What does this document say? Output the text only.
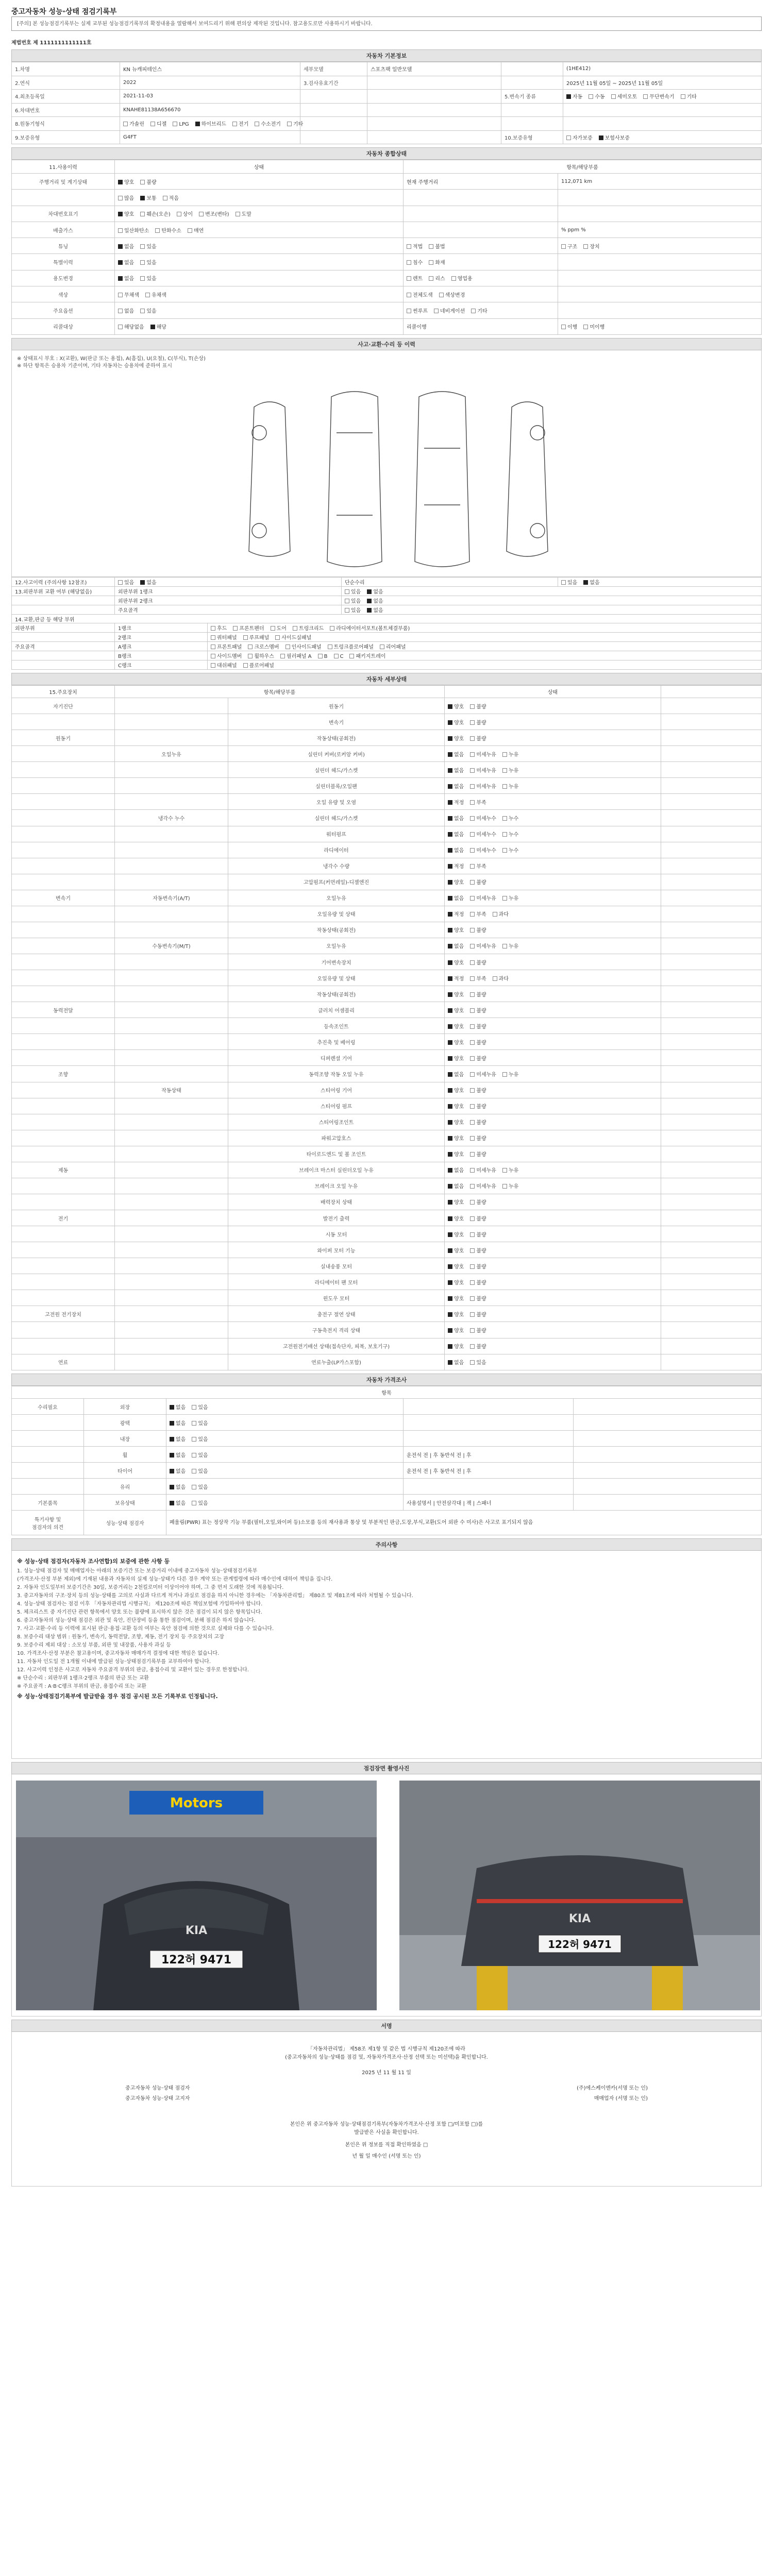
중고자동차 성능·상태 점검기록부
[주의] 본 성능점검기록부는 실제 교부된 성능점검기록부의 확정내용을 열람해서 보여드리기 위해 편의상 제작된 것입니다. 참고용도로만 사용하시기 바랍니다.
제법번호 제 1111111111111호
자동차 기본정보
1.차명	KN 뉴캐피테인스	세부모델	스포츠팩 일반모델		(1HE412)
2.연식	2022	3.검사유효기간			2025년 11월 05일 ~ 2025년 11월 05일
4.최초등록일	2021-11-03			5.변속기 종류	자동 수동 세미오토 무단변속기 기타
6.차대번호	KNAHE81138A656670				
8.원동기형식	가솔린 디젤 LPG 하이브리드 전기 수소전기 기타				
9.보증유형	G4FT			10.보증유형	자가보증 보험사보증
자동차 종합상태
11.사용이력	상태	항목/해당부품	
주행거리 및 계기상태	양호 불량	현재 주행거리	112,071 km
	많음 보통 적음		
차대번호표기	양호 훼손(오손) 상이 변조(변타) 도말		
배출가스	일산화탄소 탄화수소 매연		% ppm %
튜닝	없음 있음	적법 불법	구조 장치
특별이력	없음 있음	침수 화재	
용도변경	없음 있음	렌트 리스 영업용	
색상	무채색 유채색	전체도색 색상변경	
주요옵션	없음 있음	썬루프 네비게이션 기타	
리콜대상	해당없음 해당	리콜이행	이행 미이행
사고·교환·수리 등 이력
※ 상태표시 부호 : X(교환), W(판금 또는 용접), A(흠집), U(요철), C(부식), T(손상)
※ 하단 항목은 승용차 기준이며, 기타 자동차는 승용차에 준하여 표시
12.사고이력 (주의사항 12참조)	있음 없음		단순수리	있음 없음
13.외판부위 교환 여부 (해당없음)	외판부위 1랭크		있음 없음	
	외판부위 2랭크		있음 없음	
	주요골격		있음 없음	
14.교환,판금 등 해당 부위				
외판부위	1랭크	후드 프론트펜더 도어 트렁크리드 라디에이터서포트(볼트체결부품)		
	2랭크	쿼터패널 루프패널 사이드실패널		
주요골격	A랭크	프론트패널 크로스멤버 인사이드패널 트렁크플로어패널 리어패널		
	B랭크	사이드멤버 휠하우스 필러패널 A B C 패키지트레이		
	C랭크	대쉬패널 플로어패널		
자동차 세부상태
15.주요장치	항목/해당부품		상태	
자기진단		원동기	양호 불량	
		변속기	양호 불량	
원동기		작동상태(공회전)	양호 불량	
	오일누유	실린더 커버(로커암 커버)	없음 미세누유 누유	
		실린더 헤드/가스켓	없음 미세누유 누유	
		실린더블록/오일팬	없음 미세누유 누유	
		오일 유량 및 오염	적정 부족	
	냉각수 누수	실린더 헤드/가스켓	없음 미세누수 누수	
		워터펌프	없음 미세누수 누수	
		라디에이터	없음 미세누수 누수	
		냉각수 수량	적정 부족	
		고압펌프(커먼레일)-디젤엔진	양호 불량	
변속기	자동변속기(A/T)	오일누유	없음 미세누유 누유	
		오일유량 및 상태	적정 부족 과다	
		작동상태(공회전)	양호 불량	
	수동변속기(M/T)	오일누유	없음 미세누유 누유	
		기어변속장치	양호 불량	
		오일유량 및 상태	적정 부족 과다	
		작동상태(공회전)	양호 불량	
동력전달		클러치 어셈블리	양호 불량	
		등속조인트	양호 불량	
		추진축 및 베어링	양호 불량	
		디퍼렌셜 기어	양호 불량	
조향		동력조향 작동 오일 누유	없음 미세누유 누유	
	작동상태	스티어링 기어	양호 불량	
		스티어링 펌프	양호 불량	
		스티어링조인트	양호 불량	
		파워고압호스	양호 불량	
		타이로드엔드 및 볼 조인트	양호 불량	
제동		브레이크 마스터 실린더오일 누유	없음 미세누유 누유	
		브레이크 오일 누유	없음 미세누유 누유	
		배력장치 상태	양호 불량	
전기		발전기 출력	양호 불량	
		시동 모터	양호 불량	
		와이퍼 모터 기능	양호 불량	
		실내송풍 모터	양호 불량	
		라디에이터 팬 모터	양호 불량	
		윈도우 모터	양호 불량	
고전원 전기장치		충전구 절연 상태	양호 불량	
		구동축전지 격리 상태	양호 불량	
		고전원전기배선 상태(접속단자, 피복, 보호기구)	양호 불량	
연료		연료누출(LP가스포함)	없음 있음	
자동차 가격조사
항목				
수리필요	외장	없음 있음		
	광택	없음 있음		
	내장	없음 있음		
	휠	없음 있음	운전석 전 | 후 동반석 전 | 후	
	타이어	없음 있음	운전석 전 | 후 동반석 전 | 후	
	유리	없음 있음		
기본품목	보유상태	없음 있음	사용설명서 | 안전삼각대 | 잭 | 스패너	
특기사항 및
점검자의 의견	성능·상태 점검자	폐울림(PWR) 표는 정상작 기능 부품(필터,오일,와이퍼 등)소모품 등의 재사용과 통상 및 부분적인 판금,도장,부식,교환(도어 외판 수 미사)은 사고로 표기되지 않음		
주의사항
※ 성능·상태 점검자(자동차 조사연합)의 보증에 관한 사항 등

1. 성능·상태 점검자 및 매매업자는 아래의 보증기간 또는 보증거리 이내에 중고자동차 성능·상태점검기록부

(가격조사·산정 부분 제외)에 기재된 내용과 자동차의 실제 성능·상태가 다른 경우 계약 또는 관계법령에 따라 매수인에 대하여 책임을 집니다.

2. 자동차 인도일부터 보증기간은 30일, 보증거리는 2천킬로미터 이상이어야 하며, 그 중 먼저 도래한 것에 적용됩니다.

3. 중고자동차의 구조·장치 등의 성능·상태를 고의로 사실과 다르게 적거나 과실로 점검을 하지 아니한 경우에는 「자동차관리법」 제80조 및 제81조에 따라 처벌될 수 있습니다.

4. 성능·상태 점검자는 점검 이후 「자동차관리법 시행규칙」 제120조에 따른 책임보험에 가입하여야 합니다.

5. 체크리스트 중 자기진단 관련 항목에서 양호 또는 불량에 표시하지 않은 것은 점검이 되지 않은 항목입니다.

6. 중고자동차의 성능·상태 점검은 외관 및 육안, 진단장비 등을 통한 점검이며, 분해 점검은 하지 않습니다.

7. 사고·교환·수리 등 이력에 표시된 판금·용접·교환 등의 여부는 육안 점검에 의한 것으로 실제와 다를 수 있습니다.

8. 보증수리 대상 범위 : 원동기, 변속기, 동력전달, 조향, 제동, 전기 장치 등 주요장치의 고장

9. 보증수리 제외 대상 : 소모성 부품, 외판 및 내장품, 사용자 과실 등

10. 가격조사·산정 부분은 참고용이며, 중고자동차 매매가격 결정에 대한 책임은 없습니다.

11. 자동차 인도일 전 1개월 이내에 발급된 성능·상태점검기록부를 교부하여야 합니다.

12. 사고이력 인정은 사고로 자동차 주요골격 부위의 판금, 용접수리 및 교환이 있는 경우로 한정합니다.

※ 단순수리 : 외판부위 1랭크·2랭크 부품의 판금 또는 교환

※ 주요골격 : A·B·C랭크 부위의 판금, 용접수리 또는 교환

※ 성능·상태점검기록부에 발급받을 경우 점검 공시된 모든 기록부로 인정됩니다.
점검장면 촬영사진
Motors
122허 9471
KIA
122허 9471
KIA
서명
「자동차관리법」 제58조 제1항 및 같은 법 시행규칙 제120조에 따라
(중고자동차의 성능·상태를 점검 및, 자동차가격조사·산정 선택 또는 미선택)을 확인합니다.
2025 년 11 월 11 일
중고자동차 성능·상태 점검자
중고자동차 성능·상태 고지자
(주)에스케이엔카(서명 또는 인)
매매업자 (서명 또는 인)
본인은 위 중고자동차 성능·상태점검기록부(자동차가격조사·산정 포함 □/미포함 □)를
발급받은 사실을 확인합니다.
본인은 위 정보를 직접 확인하였음 □
년 월 일 매수인 (서명 또는 인)
